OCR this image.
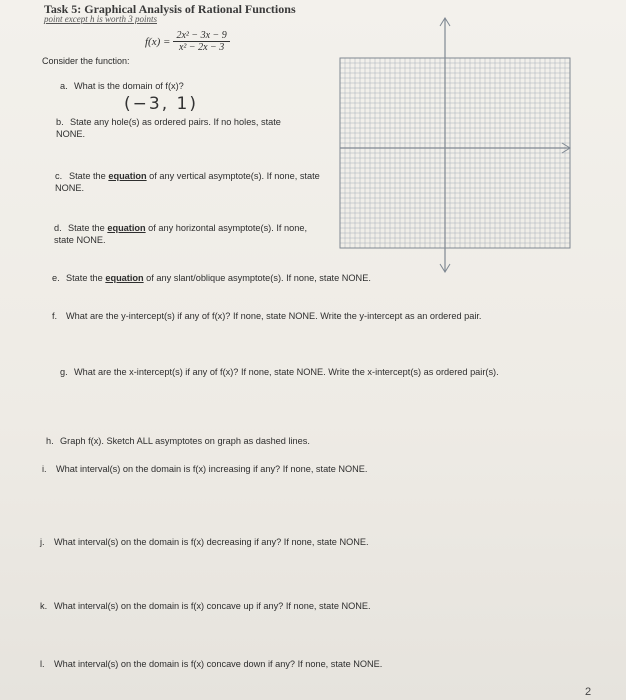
Task 5: Graphical Analysis of Rational Functions
point except h is worth 3 points
Consider the function:
$f(x) = \frac{\text{2x² − 3x − 9}}{\text{x² − 2x − 3}}$
a. What is the domain of f(x)?
(−3, 1)
b. State any hole(s) as ordered pairs. If no holes, state NONE.
c. State the equation of any vertical asymptote(s). If none, state NONE.
d. State the equation of any horizontal asymptote(s). If none, state NONE.
e. State the equation of any slant/oblique asymptote(s). If none, state NONE.
f. What are the y-intercept(s) if any of f(x)? If none, state NONE. Write the y-intercept as an ordered pair.
g. What are the x-intercept(s) if any of f(x)? If none, state NONE. Write the x-intercept(s) as ordered pair(s).
h. Graph f(x). Sketch ALL asymptotes on graph as dashed lines.
i. What interval(s) on the domain is f(x) increasing if any? If none, state NONE.
j. What interval(s) on the domain is f(x) decreasing if any? If none, state NONE.
k. What interval(s) on the domain is f(x) concave up if any? If none, state NONE.
l. What interval(s) on the domain is f(x) concave down if any? If none, state NONE.
2
